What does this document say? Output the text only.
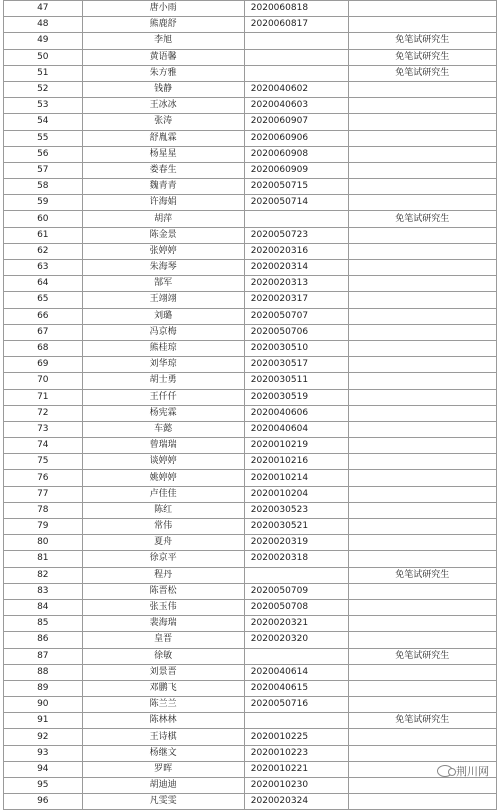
47	唐小雨	2020060818	
48	熊鹿舒	2020060817	
49	李旭		免笔试研究生
50	黄语馨		免笔试研究生
51	朱方雅		免笔试研究生
52	钱静	2020040602	
53	王冰冰	2020040603	
54	张涛	2020060907	
55	舒胤霖	2020060906	
56	杨星星	2020060908	
57	娄春生	2020060909	
58	魏青青	2020050715	
59	许海娟	2020050714	
60	胡萍		免笔试研究生
61	陈金景	2020050723	
62	张婷婷	2020020316	
63	朱海琴	2020020314	
64	郜军	2020020313	
65	王翊翊	2020020317	
66	刘璐	2020050707	
67	冯京梅	2020050706	
68	熊桂琼	2020030510	
69	刘华琼	2020030517	
70	胡士勇	2020030511	
71	王仟仟	2020030519	
72	杨宪霖	2020040606	
73	车懿	2020040604	
74	曾瑞瑞	2020010219	
75	谈婷婷	2020010216	
76	姚婷婷	2020010214	
77	卢佳佳	2020010204	
78	陈红	2020030523	
79	常伟	2020030521	
80	夏舟	2020020319	
81	徐京平	2020020318	
82	程丹		免笔试研究生
83	陈晋松	2020050709	
84	张玉伟	2020050708	
85	裴海瑞	2020020321	
86	皇晋	2020020320	
87	徐敏		免笔试研究生
88	刘景晋	2020040614	
89	邓鹏飞	2020040615	
90	陈兰兰	2020050716	
91	陈林林		免笔试研究生
92	王诗棋	2020010225	
93	杨继文	2020010223	
94	罗晖	2020010221	
95	胡迪迪	2020010230	
96	凡雯雯	2020020324	
荆川网
